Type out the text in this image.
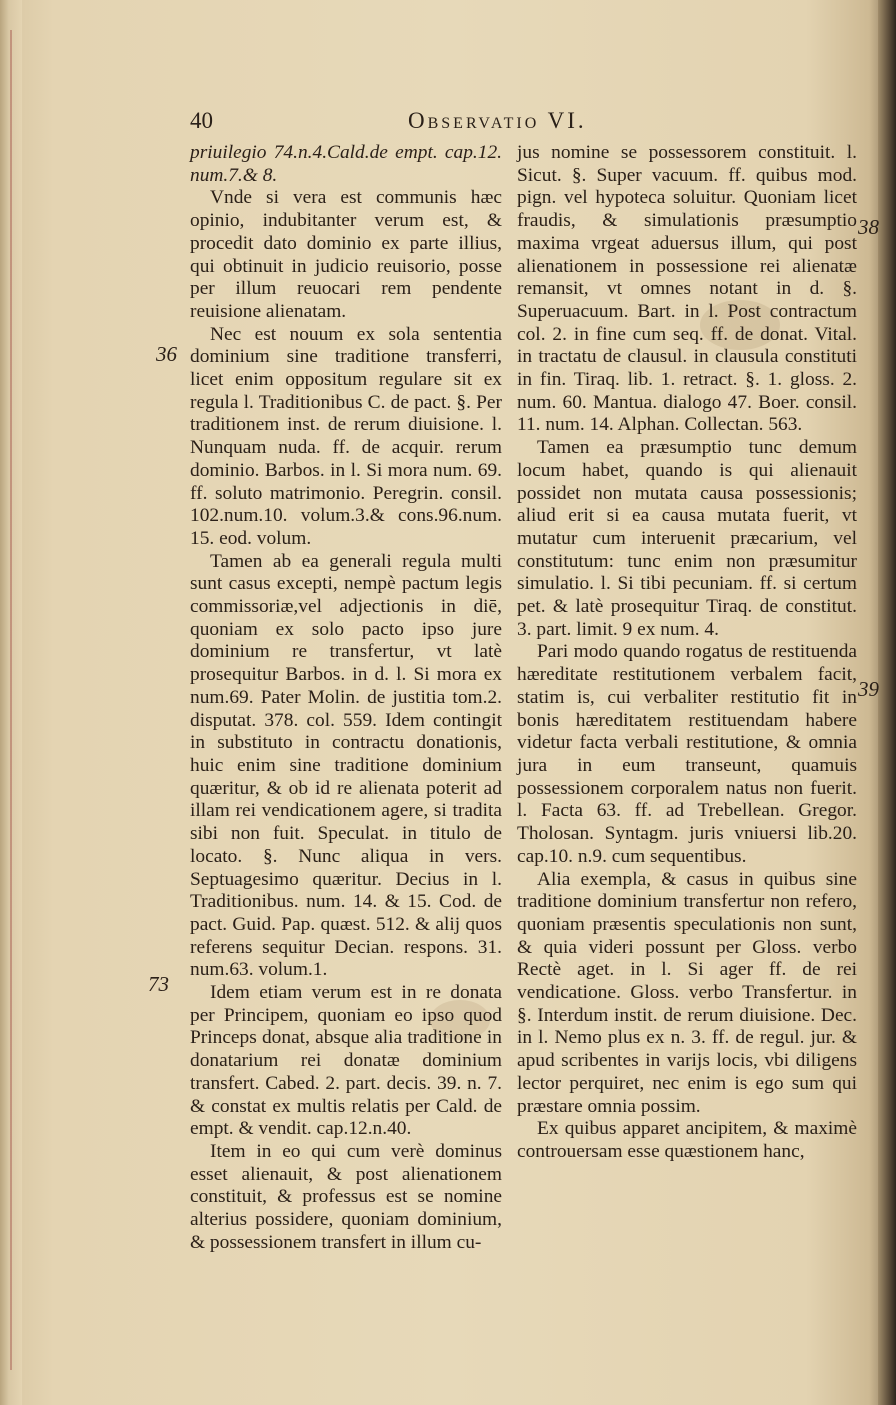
40	Observatio VI.
36
73
38
39

priuilegio 74.n.4.Cald.de empt. cap.12. num.7.& 8.

Vnde si vera est communis hæc opinio, indubitanter verum est, & procedit dato dominio ex parte illius, qui obtinuit in judicio reuisorio, posse per illum reuocari rem pendente reuisione alienatam.

Nec est nouum ex sola sententia dominium sine traditione transferri, licet enim oppositum regulare sit ex regula l. Traditionibus C. de pact. §. Per traditionem inst. de rerum diuisione. l. Nunquam nuda. ff. de acquir. rerum dominio. Barbos. in l. Si mora num. 69. ff. soluto matrimonio. Peregrin. consil. 102.num.10. volum.3.& cons.96.num. 15. eod. volum.

Tamen ab ea generali regula multi sunt casus excepti, nempè pactum legis commissoriæ,vel adjectionis in diē, quoniam ex solo pacto ipso jure dominium re transfertur, vt latè prosequitur Barbos. in d. l. Si mora ex num.69. Pater Molin. de justitia tom.2. disputat. 378. col. 559. Idem contingit in substituto in contractu donationis, huic enim sine traditione dominium quæritur, & ob id re alienata poterit ad illam rei vendicationem agere, si tradita sibi non fuit. Speculat. in titulo de locato. §. Nunc aliqua in vers. Septuagesimo quæritur. Decius in l. Traditionibus. num. 14. & 15. Cod. de pact. Guid. Pap. quæst. 512. & alij quos referens sequitur Decian. respons. 31. num.63. volum.1.

Idem etiam verum est in re donata per Principem, quoniam eo ipso quod Princeps donat, absque alia traditione in donatarium rei donatæ dominium transfert. Cabed. 2. part. decis. 39. n. 7. & constat ex multis relatis per Cald. de empt. & vendit. cap.12.n.40.

Item in eo qui cum verè dominus esset alienauit, & post alienationem constituit, & professus est se nomine alterius possidere, quoniam dominium, & possessionem transfert in illum cu-

jus nomine se possessorem constituit. l. Sicut. §. Super vacuum. ff. quibus mod. pign. vel hypoteca soluitur. Quoniam licet fraudis, & simulationis præsumptio maxima vrgeat aduersus illum, qui post alienationem in possessione rei alienatæ remansit, vt omnes notant in d. §. Superuacuum. Bart. in l. Post contractum col. 2. in fine cum seq. ff. de donat. Vital. in tractatu de clausul. in clausula constituti in fin. Tiraq. lib. 1. retract. §. 1. gloss. 2. num. 60. Mantua. dialogo 47. Boer. consil. 11. num. 14. Alphan. Collectan. 563.

Tamen ea præsumptio tunc demum locum habet, quando is qui alienauit possidet non mutata causa possessionis; aliud erit si ea causa mutata fuerit, vt mutatur cum interuenit præcarium, vel constitutum: tunc enim non præsumitur simulatio. l. Si tibi pecuniam. ff. si certum pet. & latè prosequitur Tiraq. de constitut. 3. part. limit. 9 ex num. 4.

Pari modo quando rogatus de restituenda hæreditate restitutionem verbalem facit, statim is, cui verbaliter restitutio fit in bonis hæreditatem restituendam habere videtur facta verbali restitutione, & omnia jura in eum transeunt, quamuis possessionem corporalem natus non fuerit. l. Facta 63. ff. ad Trebellean. Gregor. Tholosan. Syntagm. juris vniuersi lib.20. cap.10. n.9. cum sequentibus.

Alia exempla, & casus in quibus sine traditione dominium transfertur non refero, quoniam præsentis speculationis non sunt, & quia videri possunt per Gloss. verbo Rectè aget. in l. Si ager ff. de rei vendicatione. Gloss. verbo Transfertur. in §. Interdum instit. de rerum diuisione. Dec. in l. Nemo plus ex n. 3. ff. de regul. jur. & apud scribentes in varijs locis, vbi diligens lector perquiret, nec enim is ego sum qui præstare omnia possim.

Ex quibus apparet ancipitem, & maximè controuersam esse quæstionem hanc,
